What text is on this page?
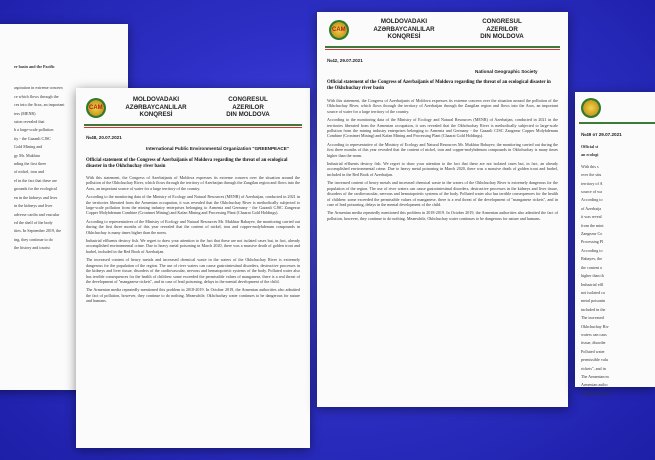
er basin and the Pacific

aspiration in extreme concern

ce which flows through the

ces into the Arax, an important

ters (MENR)

ssion revealed that

h a large-scale pollution

ity - the Gazanli CJSC

Gold Mining and

gy Mr. Mukhtar

nding the first three

of nickel, iron and

el in the fact that these are

grounds for the ecological

en in the kidneys and liver

in the kidneys and liver

adverse cardio and vascular

ed the shelf of the body

ities. In September 2019, the

ing, they continue to do

the history and tourist

CAM
MOLDOVADAKI
AZƏRBAYCANLILAR
KONQRESİ
CONGRESUL
AZERILOR
DIN MOLDOVA
№48, 20.07.2021
International Public Environmental Organization "GREENPEACE"
Official statement of the Congress of Azerbaijanis of Moldova regarding the threat of an ecological disaster in the Okhchuchay river basin

With this statement, the Congress of Azerbaijanis of Moldova expresses its extreme concern over the situation around the pollution of the Okhchuchay River, which flows through the territory of Azerbaijan through the Zangilan region and flows into the Arax, an important source of water for a large territory of the country.

According to the monitoring data of the Ministry of Ecology and Natural Resources (MENR) of Azerbaijan, conducted in 2021 in the territories liberated from the Armenian occupation, it was revealed that the Okhchuchay River is methodically subjected to large-scale pollution from the mining industry enterprises belonging to Armenia and Germany - the Gazanli CJSC Zangezur Copper Molybdenum Combine (Cronimet Mining) and Kafan Mining and Processing Plant (Chaarat Gold Holdings).

According to representatives of the Ministry of Ecology and Natural Resources Mr. Mukhtar Babayev, the monitoring carried out during the first three months of this year revealed that the content of nickel, iron and copper-molybdenum compounds in Okhchuchay is many times higher than the norm.

Industrial effluents destroy fish. We regret to draw your attention to the fact that these are not isolated cases but, in fact, already accomplished environmental crime. Due to heavy metal poisoning in March 2020, there was a massive death of golden trout and barbel, included in the Red Book of Azerbaijan.

The increased content of heavy metals and increased chemical waste in the waters of the Okhchuchay River is extremely dangerous for the population of the region. The use of river waters can cause gastrointestinal disorders, destructive processes in the kidneys and liver tissue, disorders of the cardiovascular, nervous and hematopoietic systems of the body. Polluted water also has terrible consequences for the health of children: some exceeded the permissible values of manganese, there is a real threat of the development of "manganese rickets", and in case of lead poisoning, delays in the mental development of the child.

The Armenian media repeatedly mentioned this problem in 2018-2019. In October 2019, the Armenian authorities also admitted the fact of pollution, however, they continue to do nothing. Meanwhile, Okhchuchay water continues to be dangerous for nature and humans.

CAM
MOLDOVADAKI
AZƏRBAYCANLILAR
KONQRESİ
CONGRESUL
AZERILOR
DIN MOLDOVA
№42, 29.07.2021
National Geographic Society
Official statement of the Congress of Azerbaijanis of Moldova regarding the threat of an ecological disaster in the Okhchuchay river basin

With this statement, the Congress of Azerbaijanis of Moldova expresses its extreme concern over the situation around the pollution of the Okhchuchay River, which flows through the territory of Azerbaijan through the Zangilan region and flows into the Arax, an important source of water for a large territory of the country.

According to the monitoring data of the Ministry of Ecology and Natural Resources (MENR) of Azerbaijan, conducted in 2021 in the territories liberated from the Armenian occupation, it was revealed that the Okhchuchay River is methodically subjected to large-scale pollution from the mining industry enterprises belonging to Armenia and Germany - the Gazanli CJSC Zangezur Copper Molybdenum Combine (Cronimet Mining) and Kafan Mining and Processing Plant (Chaarat Gold Holdings).

According to representative of the Ministry of Ecology and Natural Resources Mr. Mukhtar Babayev, the monitoring carried out during the first three months of this year revealed that the content of nickel, iron and copper-molybdenum compounds in Okhchuchay is many times higher than the norm.

Industrial effluents destroy fish. We regret to draw your attention to the fact that these are not isolated cases but, in fact, an already accomplished environmental crime. Due to heavy metal poisoning in March 2020, there was a massive death of golden trout and barbel, included in the Red Book of Azerbaijan.

The increased content of heavy metals and increased chemical waste in the waters of the Okhchuchay River is extremely dangerous for the population of the region. The use of river waters can cause gastrointestinal disorders, destructive processes in the kidneys and liver tissue, disorders of the cardiovascular, nervous and hematopoietic systems of the body. Polluted water also has terrible consequences for the health of children: some exceeded the permissible values of manganese, there is a real threat of the development of "manganese rickets", and in case of lead poisoning, delays in the mental development of the child.

The Armenian media repeatedly mentioned this problem in 2018-2019. In October 2019, the Armenian authorities also admitted the fact of pollution, however, they continue to do nothing. Meanwhile, Okhchuchay water continues to be dangerous for nature and humans.

№49 от 29.07.2021

Official st

an ecologi

With this s

over the situ

territory of A

source of wa

According to

of Azerbaija

it was reveal

from the mini

Zangezur Co

Processing Pl

According to

Babayev, the

the content o

higher than th

Industrial effl

not isolated ca

metal poisonin

included in the

The increased

Okhchuchay Riv

waters can caus

tissue, disorder

Polluted water

permissible valu

rickets", and in

The Armenian m

Armenian autho

nothing. Meanwh
